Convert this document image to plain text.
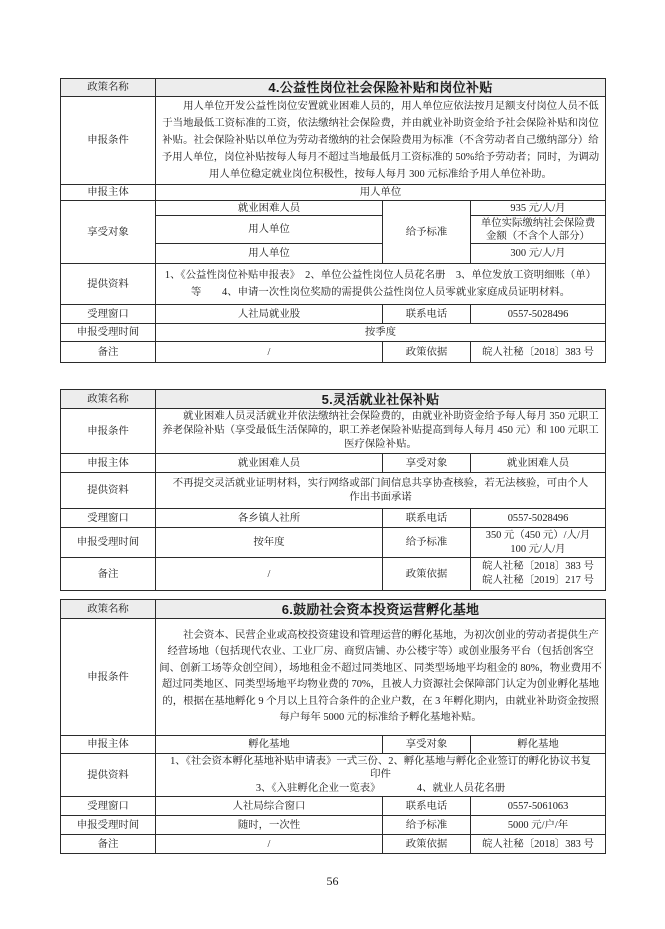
政策名称	4.公益性岗位社会保险补贴和岗位补贴		
申报条件	用人单位开发公益性岗位安置就业困难人员的，用人单位应依法按月足额支付岗位人员不低于当地最低工资标准的工资，依法缴纳社会保险费，并由就业补助资金给予社会保险补贴和岗位补贴。社会保险补贴以单位为劳动者缴纳的社会保险费用为标准（不含劳动者自己缴纳部分）给予用人单位，岗位补贴按每人每月不超过当地最低月工资标准的 50%给予劳动者；同时，为调动用人单位稳定就业岗位积极性，按每人每月 300 元标准给予用人单位补助。		
申报主体	用人单位		
享受对象	就业困难人员	给予标准	935 元/人/月
	用人单位		单位实际缴纳社会保险费金额（不含个人部分）
	用人单位		300 元/人/月
提供资料	1、《公益性岗位补贴申报表》　2、单位公益性岗位人员花名册　3、单位发放工资明细账（单）等　　4、申请一次性岗位奖励的需提供公益性岗位人员零就业家庭成员证明材料。		
受理窗口	人社局就业股	联系电话	0557-5028496
申报受理时间	按季度		
备注	/	政策依据	皖人社秘〔2018〕383 号
政策名称	5.灵活就业社保补贴		
申报条件	就业困难人员灵活就业并依法缴纳社会保险费的，由就业补助资金给予每人每月 350 元职工养老保险补贴（享受最低生活保障的，职工养老保险补贴提高到每人每月 450 元）和 100 元职工医疗保险补贴。		
申报主体	就业困难人员	享受对象	就业困难人员
提供资料	不再提交灵活就业证明材料，实行网络或部门间信息共享协查核验，若无法核验，可由个人作出书面承诺		
受理窗口	各乡镇人社所	联系电话	0557-5028496
申报受理时间	按年度	给予标准	350 元（450 元）/人/月
100 元/人/月

备注	/	政策依据	皖人社秘〔2018〕383 号
皖人社秘〔2019〕217 号
政策名称	6.鼓励社会资本投资运营孵化基地		
申报条件	社会资本、民营企业或高校投资建设和管理运营的孵化基地，为初次创业的劳动者提供生产经营场地（包括现代农业、工业厂房、商贸店铺、办公楼宇等）或创业服务平台（包括创客空间、创新工场等众创空间），场地租金不超过同类地区、同类型场地平均租金的 80%，物业费用不超过同类地区、同类型场地平均物业费的 70%，且被人力资源社会保障部门认定为创业孵化基地的，根据在基地孵化 9 个月以上且符合条件的企业户数，在 3 年孵化期内，由就业补助资金按照每户每年 5000 元的标准给予孵化基地补贴。		
申报主体	孵化基地	享受对象	孵化基地
提供资料	1、《社会资本孵化基地补贴申请表》一式三份、2、孵化基地与孵化企业签订的孵化协议书复印件
3、《入驻孵化企业一览表》　　　　4、就业人员花名册		

受理窗口	人社局综合窗口	联系电话	0557-5061063
申报受理时间	随时，一次性	给予标准	5000 元/户/年
备注	/	政策依据	皖人社秘〔2018〕383 号
56
